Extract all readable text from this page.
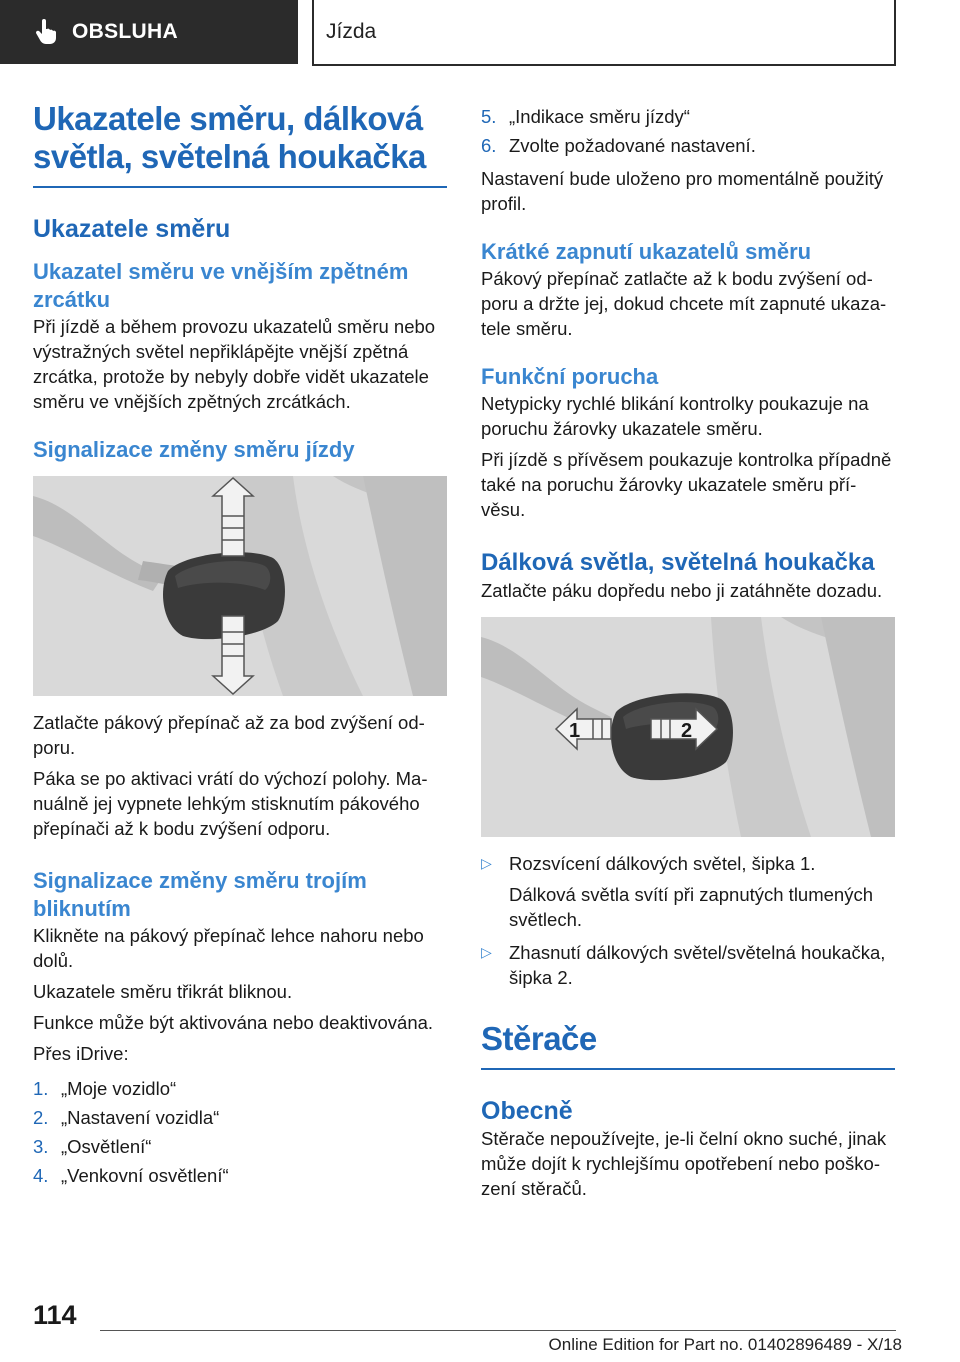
OBSLUHA	Jízda
Ukazatele směru, dálková světla, světelná houkačka
Ukazatele směru
Ukazatel směru ve vnějším zpětném zrcátku

Při jízdě a během provozu ukazatelů směru nebo výstražných světel nepřiklápějte vnější zpětná zrcátka, protože by nebyly dobře vidět ukazatele směru ve vnějších zpětných zrcátkách.

Signalizace změny směru jízdy

Zatlačte pákový přepínač až za bod zvýšení od- poru.

Páka se po aktivaci vrátí do výchozí polohy. Ma- nuálně jej vypnete lehkým stisknutím pákového přepínači až k bodu zvýšení odporu.

Signalizace změny směru trojím bliknutím

Klikněte na pákový přepínač lehce nahoru nebo dolů.

Ukazatele směru třikrát bliknou.

Funkce může být aktivována nebo deaktivována.

Přes iDrive:

1. „Moje vozidlo“
2. „Nastavení vozidla“
3. „Osvětlení“
4. „Venkovní osvětlení“
5. „Indikace směru jízdy“
6. Zvolte požadované nastavení.

Nastavení bude uloženo pro momentálně použitý profil.

Krátké zapnutí ukazatelů směru

Pákový přepínač zatlačte až k bodu zvýšení od- poru a držte jej, dokud chcete mít zapnuté ukaza- tele směru.

Funkční porucha

Netypicky rychlé blikání kontrolky poukazuje na poruchu žárovky ukazatele směru.

Při jízdě s přívěsem poukazuje kontrolka případně také na poruchu žárovky ukazatele směru pří- věsu.

Dálková světla, světelná houkačka

Zatlačte páku dopředu nebo ji zatáhněte dozadu.

1	2
▷ Rozsvícení dálkových světel, šipka 1.

Dálková světla svítí při zapnutých tlumených světlech.

▷ Zhasnutí dálkových světel/světelná houkačka, šipka 2.
Stěrače
Obecně

Stěrače nepoužívejte, je-li čelní okno suché, jinak může dojít k rychlejšímu opotřebení nebo poško- zení stěračů.

114
Online Edition for Part no. 01402896489 - X/18
